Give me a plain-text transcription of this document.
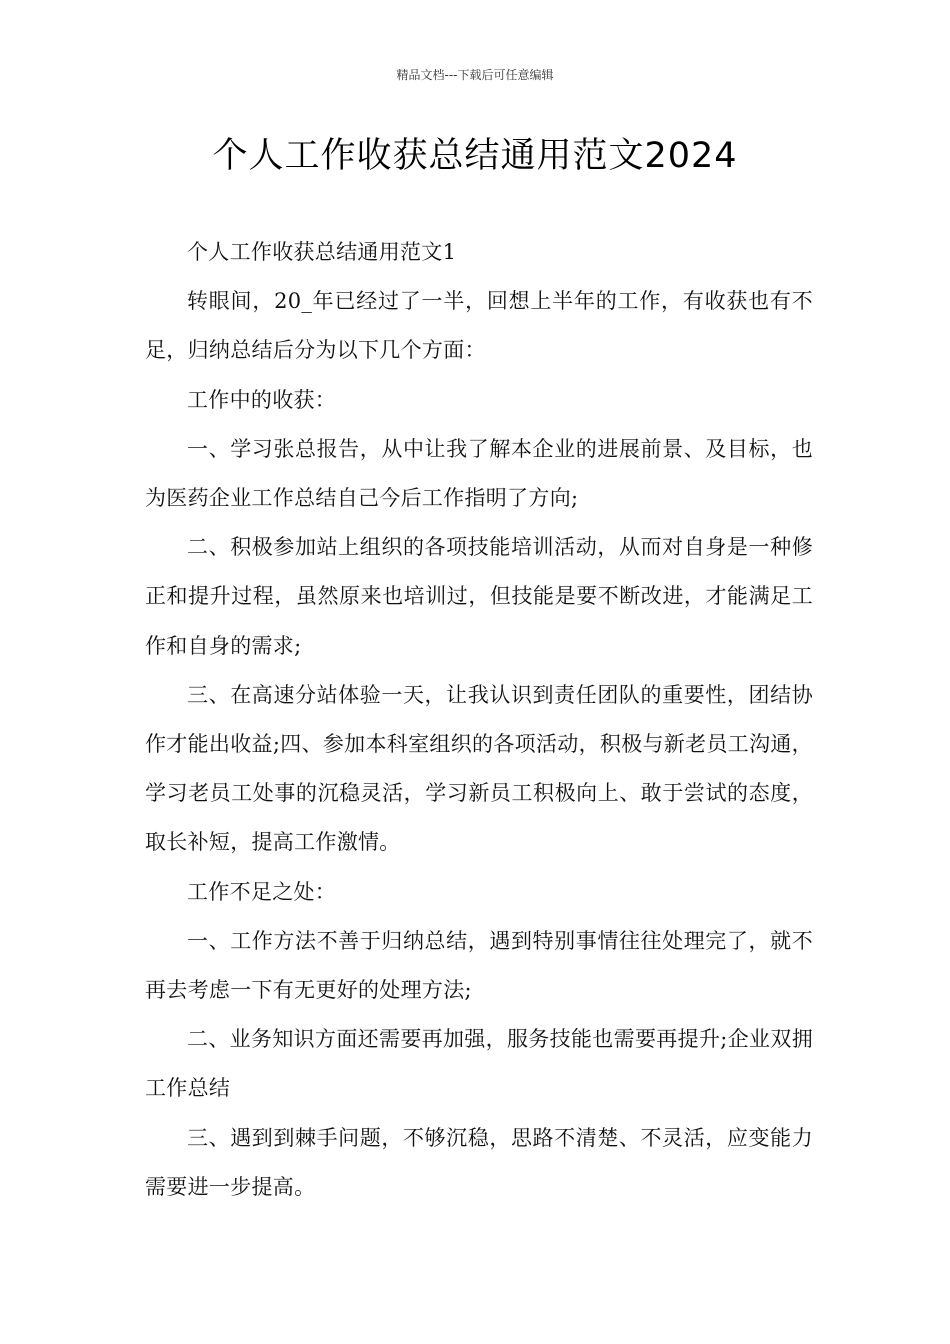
精品文档---下载后可任意编辑
个人工作收获总结通用范文2024

个人工作收获总结通用范文1

转眼间，20_年已经过了一半，回想上半年的工作，有收获也有不足，归纳总结后分为以下几个方面：

工作中的收获：

一、学习张总报告，从中让我了解本企业的进展前景、及目标，也为医药企业工作总结自己今后工作指明了方向;

二、积极参加站上组织的各项技能培训活动，从而对自身是一种修正和提升过程，虽然原来也培训过，但技能是要不断改进，才能满足工作和自身的需求;

三、在高速分站体验一天，让我认识到责任团队的重要性，团结协作才能出收益;四、参加本科室组织的各项活动，积极与新老员工沟通，学习老员工处事的沉稳灵活，学习新员工积极向上、敢于尝试的态度，取长补短，提高工作激情。

工作不足之处：

一、工作方法不善于归纳总结，遇到特别事情往往处理完了，就不再去考虑一下有无更好的处理方法;

二、业务知识方面还需要再加强，服务技能也需要再提升;企业双拥工作总结

三、遇到到棘手问题，不够沉稳，思路不清楚、不灵活，应变能力需要进一步提高。
